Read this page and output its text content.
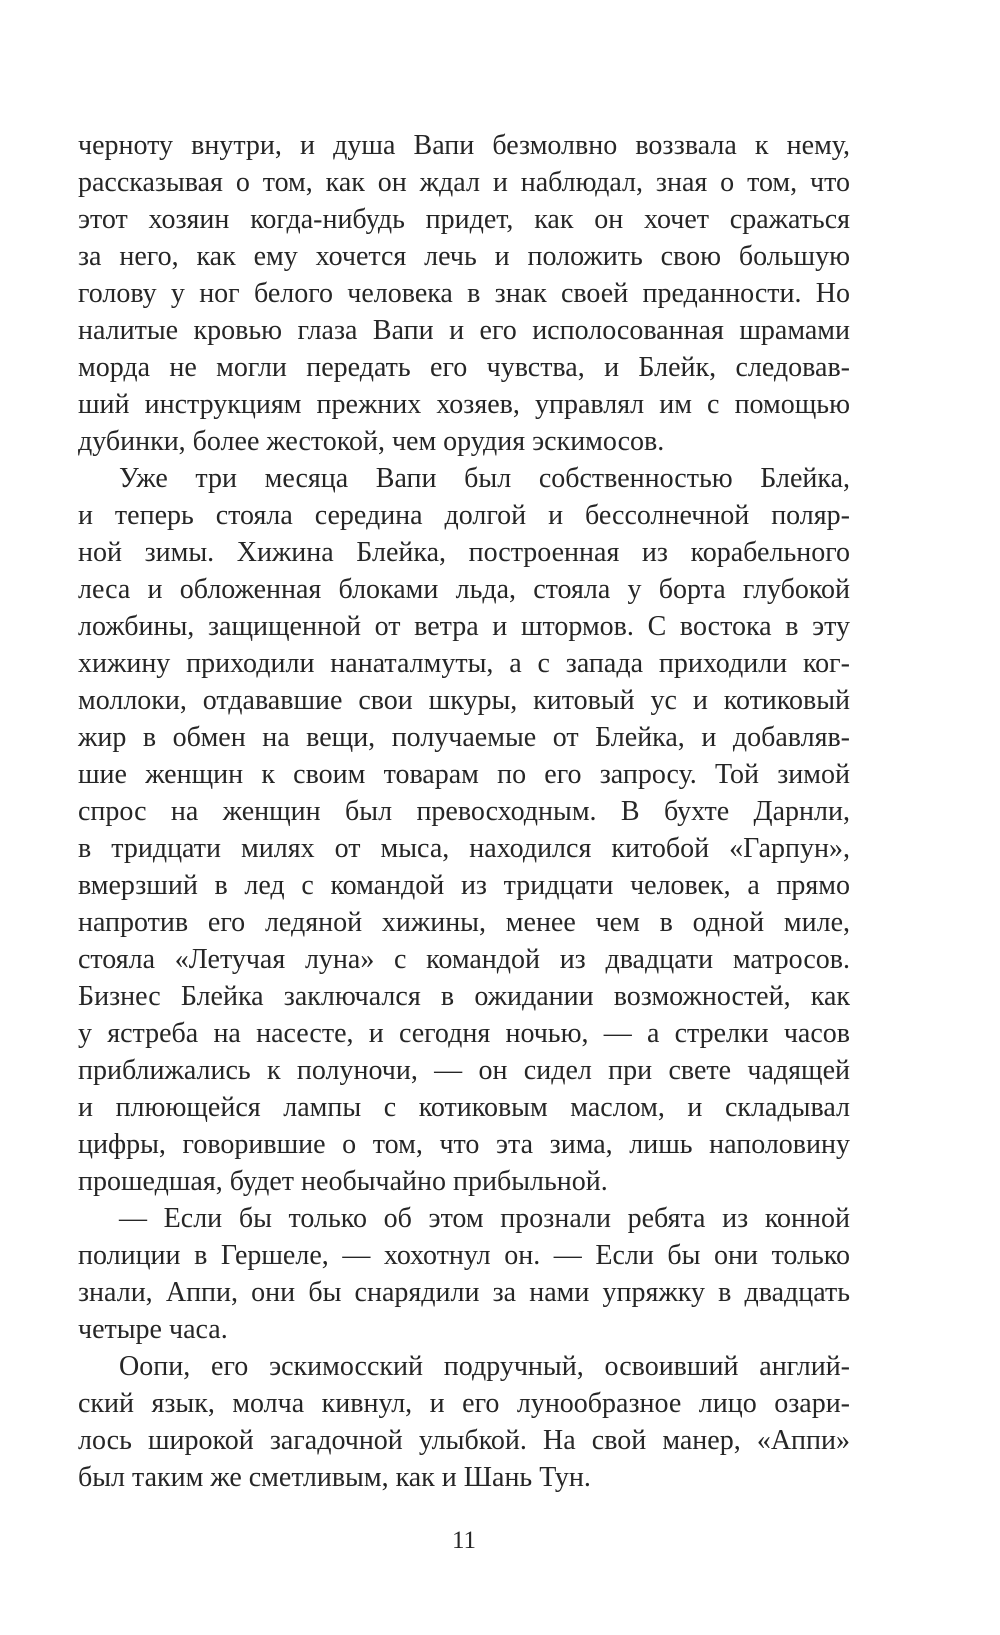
черноту внутри, и душа Вапи безмолвно воззвала к нему,
рассказывая о том, как он ждал и наблюдал, зная о том, что
этот хозяин когда-нибудь придет, как он хочет сражаться
за него, как ему хочется лечь и положить свою большую
голову у ног белого человека в знак своей преданности. Но
налитые кровью глаза Вапи и его исполосованная шрамами
морда не могли передать его чувства, и Блейк, следовав-
ший инструкциям прежних хозяев, управлял им с помощью
дубинки, более жестокой, чем орудия эскимосов.
Уже три месяца Вапи был собственностью Блейка,
и теперь стояла середина долгой и бессолнечной поляр-
ной зимы. Хижина Блейка, построенная из корабельного
леса и обложенная блоками льда, стояла у борта глубокой
ложбины, защищенной от ветра и штормов. С востока в эту
хижину приходили нанаталмуты, а с запада приходили ког-
моллоки, отдававшие свои шкуры, китовый ус и котиковый
жир в обмен на вещи, получаемые от Блейка, и добавляв-
шие женщин к своим товарам по его запросу. Той зимой
спрос на женщин был превосходным. В бухте Дарнли,
в тридцати милях от мыса, находился китобой «Гарпун»,
вмерзший в лед с командой из тридцати человек, а прямо
напротив его ледяной хижины, менее чем в одной миле,
стояла «Летучая луна» с командой из двадцати матросов.
Бизнес Блейка заключался в ожидании возможностей, как
у ястреба на насесте, и сегодня ночью, — а стрелки часов
приближались к полуночи, — он сидел при свете чадящей
и плюющейся лампы с котиковым маслом, и складывал
цифры, говорившие о том, что эта зима, лишь наполовину
прошедшая, будет необычайно прибыльной.
— Если бы только об этом прознали ребята из конной
полиции в Гершеле, — хохотнул он. — Если бы они только
знали, Аппи, они бы снарядили за нами упряжку в двадцать
четыре часа.
Оопи, его эскимосский подручный, освоивший англий-
ский язык, молча кивнул, и его лунообразное лицо озари-
лось широкой загадочной улыбкой. На свой манер, «Аппи»
был таким же сметливым, как и Шань Тун.
11
